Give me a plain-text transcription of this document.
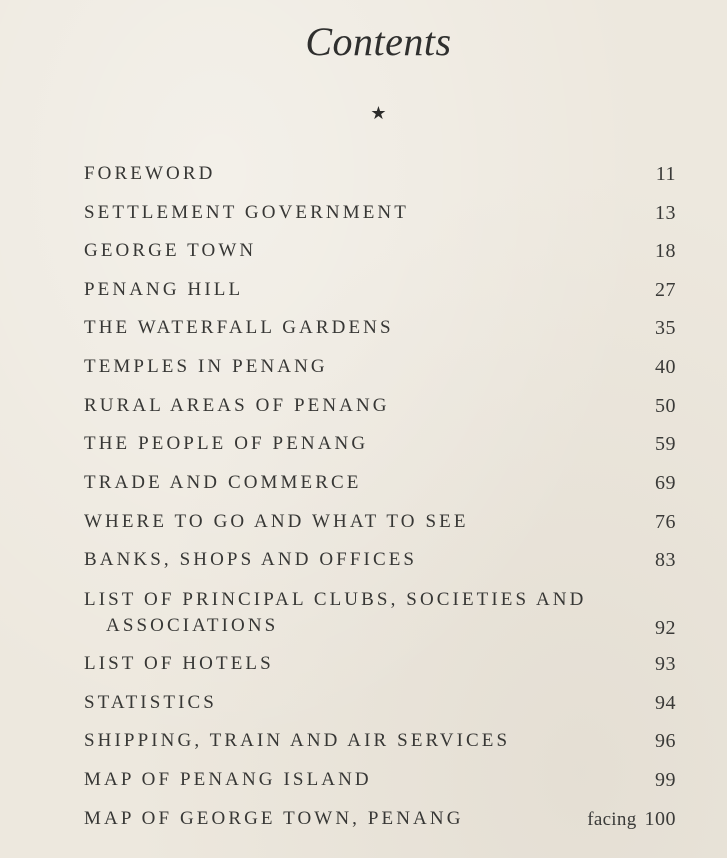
Contents
★
FOREWORD	11
SETTLEMENT GOVERNMENT	13
GEORGE TOWN	18
PENANG HILL	27
THE WATERFALL GARDENS	35
TEMPLES IN PENANG	40
RURAL AREAS OF PENANG	50
THE PEOPLE OF PENANG	59
TRADE AND COMMERCE	69
WHERE TO GO AND WHAT TO SEE	76
BANKS, SHOPS AND OFFICES	83
LIST OF PRINCIPAL CLUBS, SOCIETIES AND
ASSOCIATIONS	92
LIST OF HOTELS	93
STATISTICS	94
SHIPPING, TRAIN AND AIR SERVICES	96
MAP OF PENANG ISLAND	99
MAP OF GEORGE TOWN, PENANG	facing 100
